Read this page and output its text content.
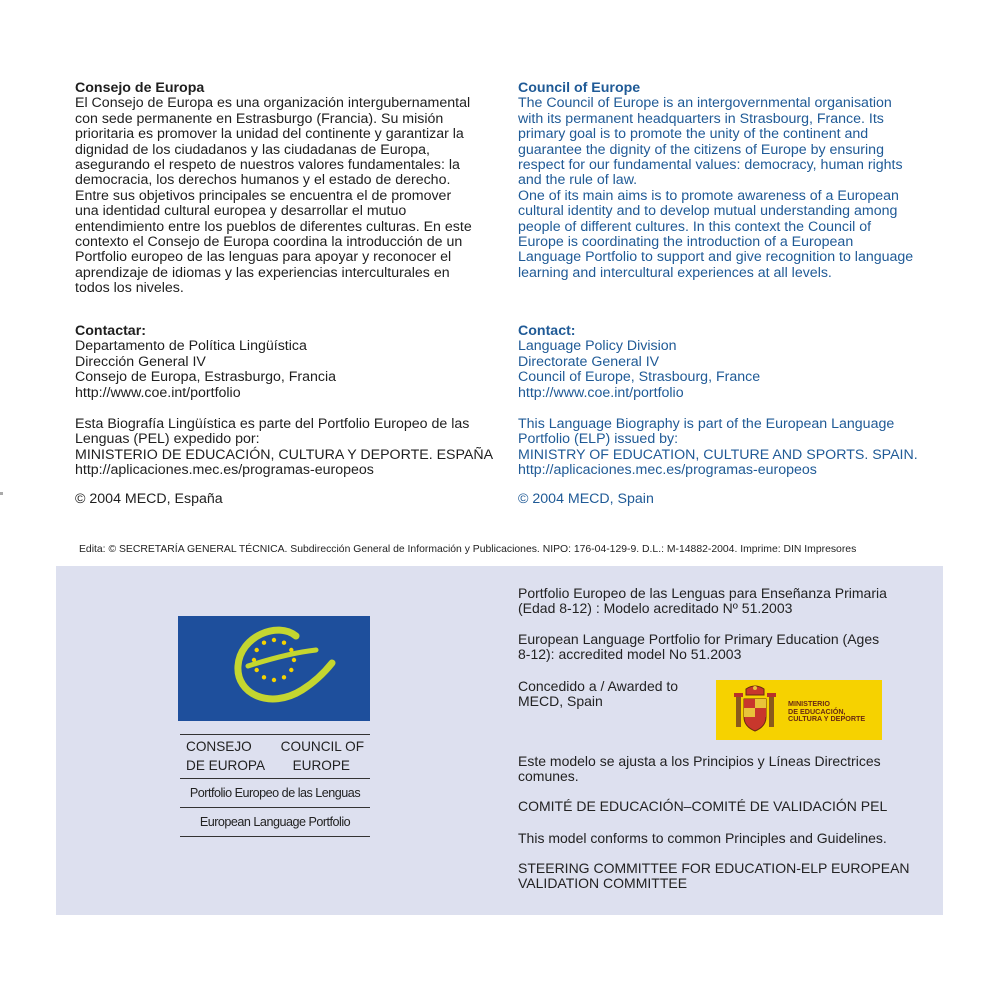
Consejo de Europa

El Consejo de Europa es una organización intergubernamental

con sede permanente en Estrasburgo (Francia). Su misión

prioritaria es promover la unidad del continente y garantizar la

dignidad de los ciudadanos y las ciudadanas de Europa,

asegurando el respeto de nuestros valores fundamentales: la

democracia, los derechos humanos y el estado de derecho.

Entre sus objetivos principales se encuentra el de promover

una identidad cultural europea y desarrollar el mutuo

entendimiento entre los pueblos de diferentes culturas. En este

contexto el Consejo de Europa coordina la introducción de un

Portfolio europeo de las lenguas para apoyar y reconocer el

aprendizaje de idiomas y las experiencias interculturales en

todos los niveles.

Contactar:

Departamento de Política Lingüística

Dirección General IV

Consejo de Europa, Estrasburgo, Francia

http://www.coe.int/portfolio

Esta Biografía Lingüística es parte del Portfolio Europeo de las

Lenguas (PEL) expedido por:

MINISTERIO DE EDUCACIÓN, CULTURA Y DEPORTE. ESPAÑA

http://aplicaciones.mec.es/programas-europeos

© 2004 MECD, España

Council of Europe

The Council of Europe is an intergovernmental organisation

with its permanent headquarters in Strasbourg, France. Its

primary goal is to promote the unity of the continent and

guarantee the dignity of the citizens of Europe by ensuring

respect for our fundamental values: democracy, human rights

and the rule of law.

One of its main aims is to promote awareness of a European

cultural identity and to develop mutual understanding among

people of different cultures. In this context the Council of

Europe is coordinating the introduction of a European

Language Portfolio to support and give recognition to language

learning and intercultural experiences at all levels.

Contact:

Language Policy Division

Directorate General IV

Council of Europe, Strasbourg, France

http://www.coe.int/portfolio

This Language Biography is part of the European Language

Portfolio (ELP) issued by:

MINISTRY OF EDUCATION, CULTURE AND SPORTS. SPAIN.

http://aplicaciones.mec.es/programas-europeos

© 2004 MECD, Spain

Edita: © SECRETARÍA GENERAL TÉCNICA. Subdirección General de Información y Publicaciones. NIPO: 176-04-129-9. D.L.: M-14882-2004. Imprime: DIN Impresores
CONSEJO COUNCIL OF
DE EUROPA EUROPE
Portfolio Europeo de las Lenguas
European Language Portfolio
Portfolio Europeo de las Lenguas para Enseñanza Primaria
(Edad 8-12) : Modelo acreditado Nº 51.2003
European Language Portfolio for Primary Education (Ages
8-12): accredited model No 51.2003
Concedido a / Awarded to
MECD, Spain	MINISTERIO
DE EDUCACIÓN,
CULTURA Y DEPORTE
Este modelo se ajusta a los Principios y Líneas Directrices
comunes.
COMITÉ DE EDUCACIÓN–COMITÉ DE VALIDACIÓN PEL
This model conforms to common Principles and Guidelines.
STEERING COMMITTEE FOR EDUCATION-ELP EUROPEAN
VALIDATION COMMITTEE
